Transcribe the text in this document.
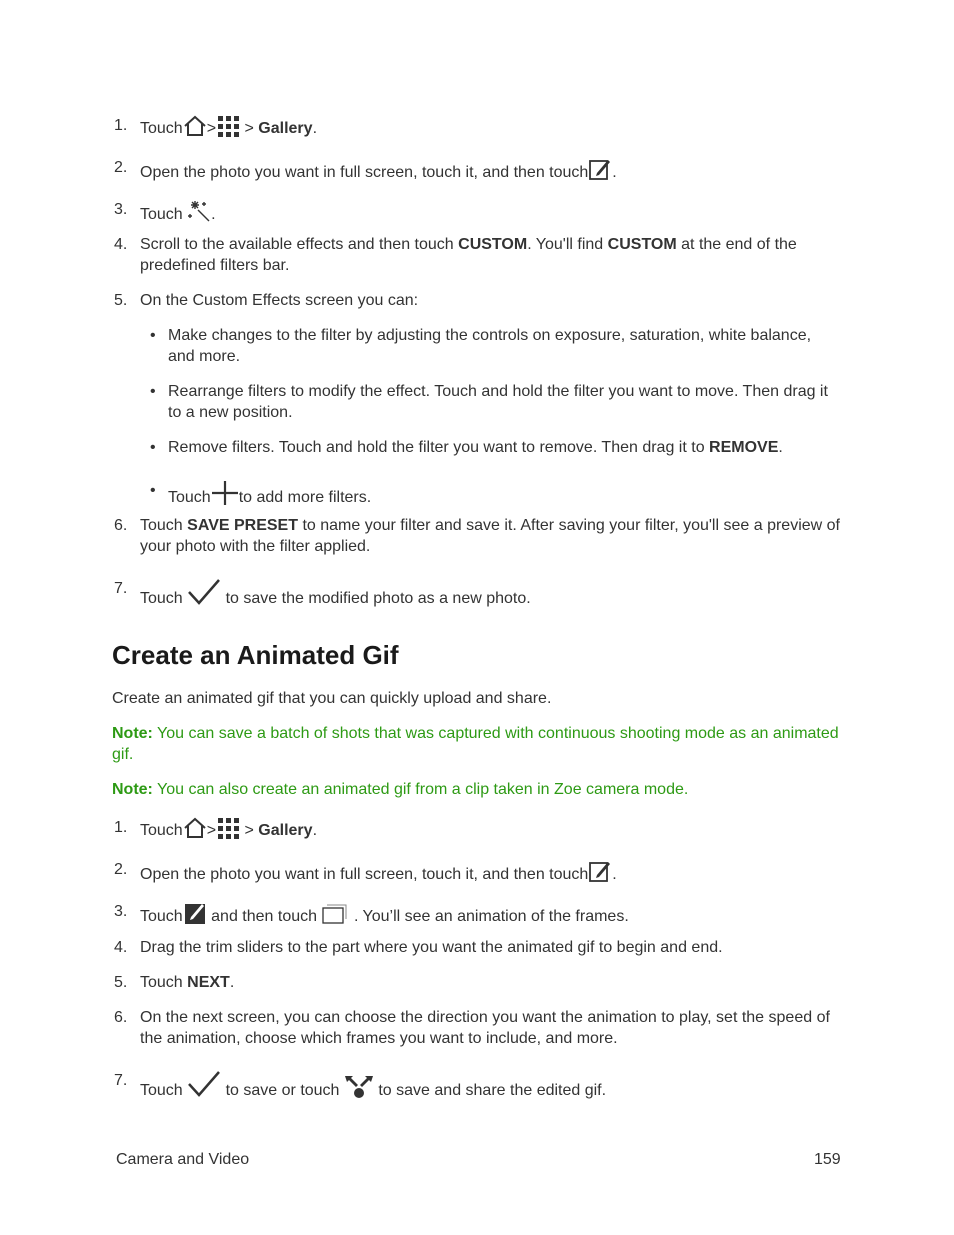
1. Touch > > Gallery.
2. Open the photo you want in full screen, touch it, and then touch .
3. Touch .
4. Scroll to the available effects and then touch CUSTOM. You'll find CUSTOM at the end of the predefined filters bar.
5. On the Custom Effects screen you can:
• Make changes to the filter by adjusting the controls on exposure, saturation, white balance, and more.
• Rearrange filters to modify the effect. Touch and hold the filter you want to move. Then drag it to a new position.
• Remove filters. Touch and hold the filter you want to remove. Then drag it to REMOVE.
• Touch to add more filters.
6. Touch SAVE PRESET to name your filter and save it. After saving your filter, you'll see a preview of your photo with the filter applied.
7.
Touch	to save the modified photo as a new photo.
Create an Animated Gif
Create an animated gif that you can quickly upload and share.
Note: You can save a batch of shots that was captured with continuous shooting mode as an animated gif.
Note: You can also create an animated gif from a clip taken in Zoe camera mode.
1. Touch > > Gallery.
2. Open the photo you want in full screen, touch it, and then touch .
3. Touch and then touch . You’ll see an animation of the frames.
4. Drag the trim sliders to the part where you want the animated gif to begin and end.
5. Touch NEXT.
6. On the next screen, you can choose the direction you want the animation to play, set the speed of the animation, choose which frames you want to include, and more.
7.
Touch	to save or touch to save and share the edited gif.
Camera and Video	159
